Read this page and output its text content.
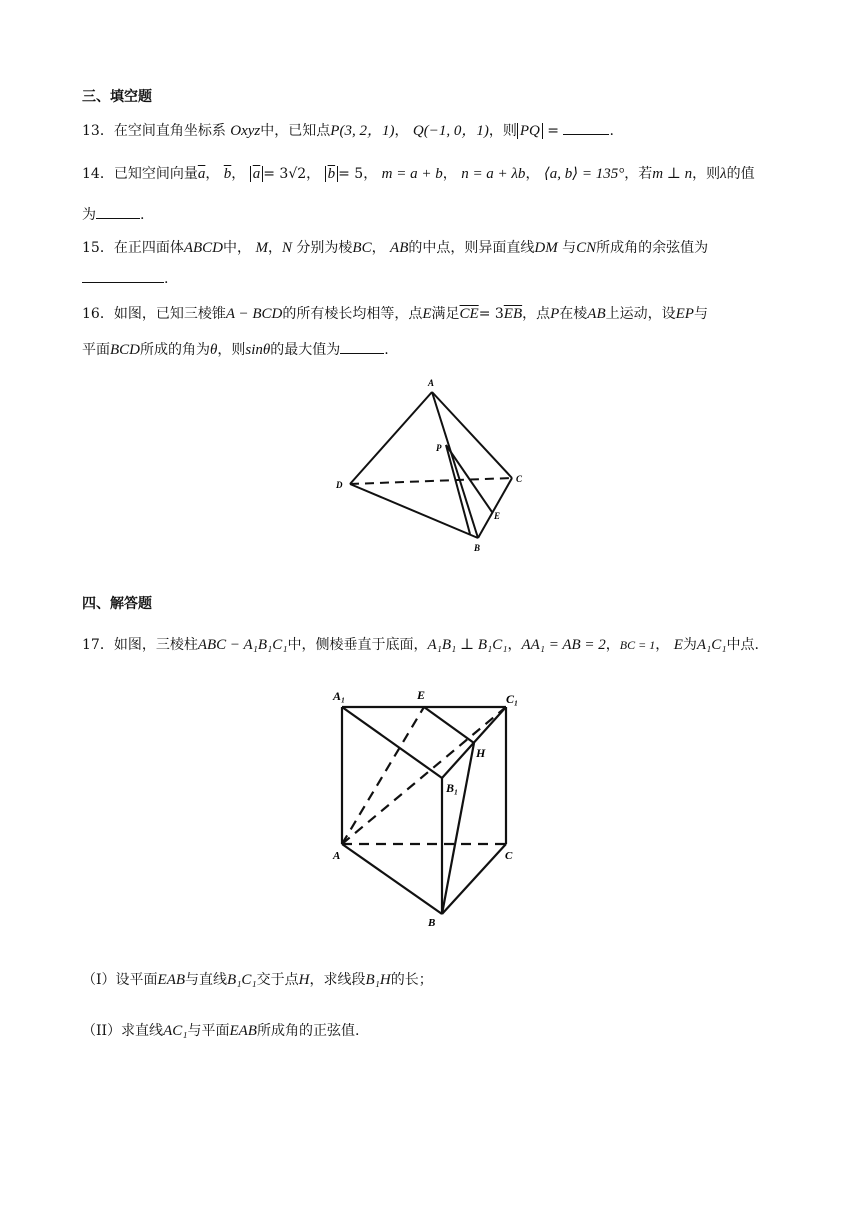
三、填空题
13．在空间直角坐标系 Oxyz中，已知点P(3, 2，1)， Q(−1, 0，1)，则 PQ =	.
14．已知空间向量$\overline{a}$， $\overline{b}$， $\overline{a} = 3√2$， $\overline{b} = 5$， m = a + b， n = a + λb， ⟨a, b⟩ = 135°，若m ⊥ n，则λ的值
为	.
15．在正四面体ABCD中， M，N 分别为棱BC， AB的中点，则异面直线DM 与CN所成角的余弦值为
.
16．如图，已知三棱锥A − BCD的所有棱长均相等，点E满足$\overline{CE}= 3\overline{EB}$，点P在棱AB上运动，设EP与
平面BCD所成的角为θ，则sinθ的最大值为	.
A
D
C
B
E
P
四、解答题
17．如图，三棱柱ABC − A₁B₁C₁中，侧棱垂直于底面，A₁B₁ ⊥ B₁C₁，AA₁ = AB = 2，BC = 1， E为A₁C₁中点.
A₁	E	C₁
H
B₁
A	C
B
（I）设平面EAB与直线B₁C₁交于点H，求线段B₁H的长；
（II）求直线AC₁与平面EAB所成角的正弦值.
